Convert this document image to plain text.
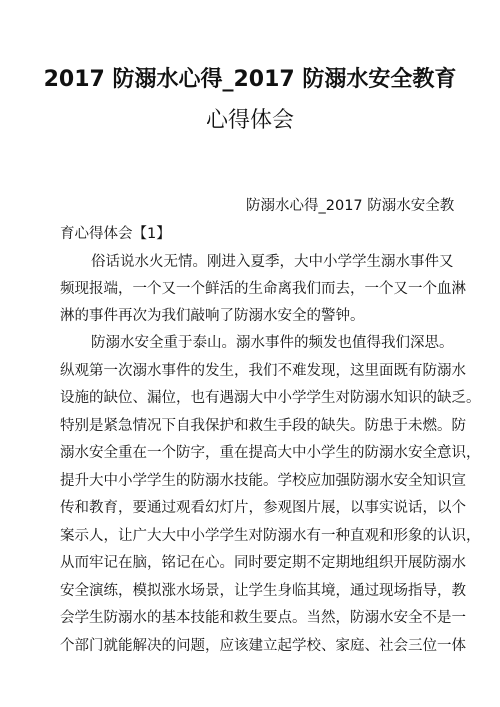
2017 防溺水心得_2017 防溺水安全教育
心得体会
防溺水心得_2017 防溺水安全教
育心得体会【1】
俗话说水火无情。刚进入夏季，大中小学学生溺水事件又
频现报端，一个又一个鲜活的生命离我们而去，一个又一个血淋
淋的事件再次为我们敲响了防溺水安全的警钟。
防溺水安全重于泰山。溺水事件的频发也值得我们深思。
纵观第一次溺水事件的发生，我们不难发现，这里面既有防溺水
设施的缺位、漏位，也有遇溺大中小学学生对防溺水知识的缺乏。
特别是紧急情况下自我保护和救生手段的缺失。防患于未燃。防
溺水安全重在一个防字，重在提高大中小学生的防溺水安全意识，
提升大中小学学生的防溺水技能。学校应加强防溺水安全知识宣
传和教育，要通过观看幻灯片，参观图片展，以事实说话，以个
案示人，让广大大中小学学生对防溺水有一种直观和形象的认识，
从而牢记在脑，铭记在心。同时要定期不定期地组织开展防溺水
安全演练，模拟涨水场景，让学生身临其境，通过现场指导，教
会学生防溺水的基本技能和救生要点。当然，防溺水安全不是一
个部门就能解决的问题，应该建立起学校、家庭、社会三位一体
